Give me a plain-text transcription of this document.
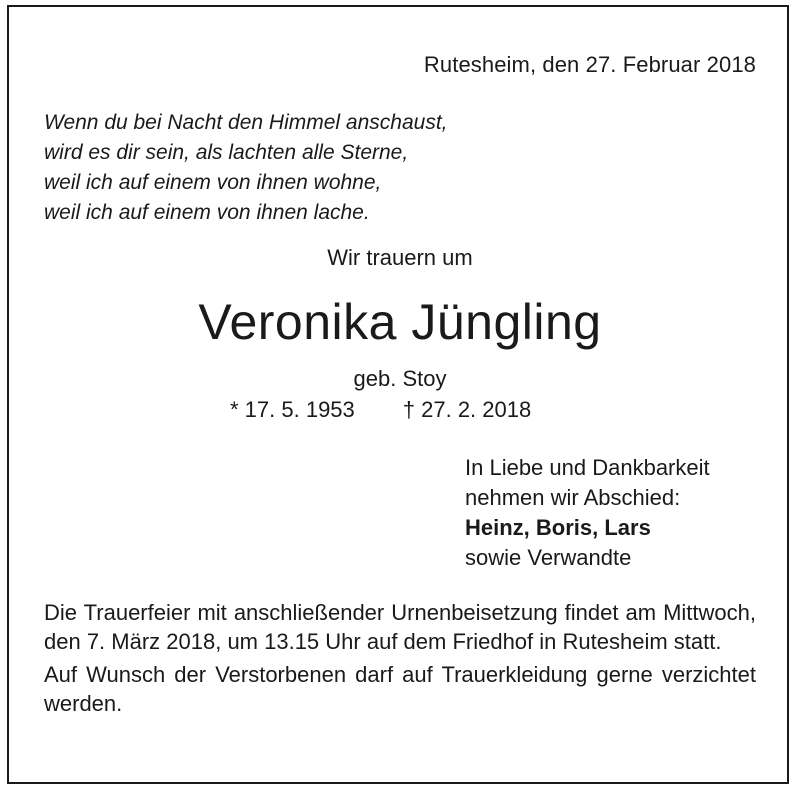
Rutesheim, den 27. Februar 2018
Wenn du bei Nacht den Himmel anschaust,
wird es dir sein, als lachten alle Sterne,
weil ich auf einem von ihnen wohne,
weil ich auf einem von ihnen lache.
Wir trauern um
Veronika Jüngling
geb. Stoy
* 17. 5. 1953 † 27. 2. 2018
In Liebe und Dankbarkeit
nehmen wir Abschied:
Heinz, Boris, Lars
sowie Verwandte

Die Trauerfeier mit anschließender Urnenbeisetzung findet am Mittwoch, den 7. März 2018, um 13.15 Uhr auf dem Friedhof in Rutesheim statt.

Auf Wunsch der Verstorbenen darf auf Trauerkleidung gerne verzichtet werden.
